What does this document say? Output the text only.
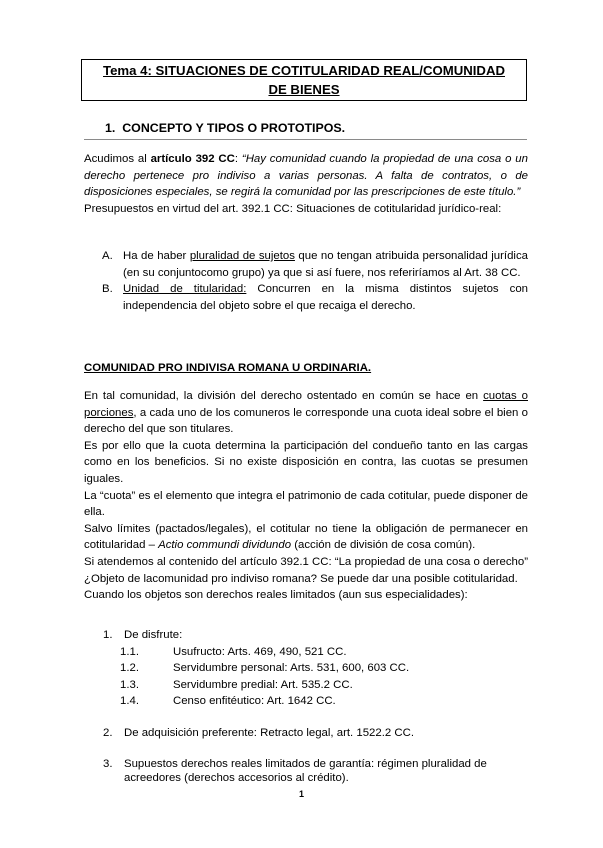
Tema 4: SITUACIONES DE COTITULARIDAD REAL/COMUNIDAD
DE BIENES
1. CONCEPTO Y TIPOS O PROTOTIPOS.

Acudimos al artículo 392 CC: “Hay comunidad cuando la propiedad de una cosa o un derecho pertenece pro indiviso a varias personas. A falta de contratos, o de disposiciones especiales, se regirá la comunidad por las prescripciones de este título.”

Presupuestos en virtud del art. 392.1 CC: Situaciones de cotitularidad jurídico-real:

A. Ha de haber pluralidad de sujetos que no tengan atribuida personalidad jurídica (en su conjuntocomo grupo) ya que si así fuere, nos referiríamos al Art. 38 CC.
B. Unidad de titularidad: Concurren en la misma distintos sujetos con independencia del objeto sobre el que recaiga el derecho.
COMUNIDAD PRO INDIVISA ROMANA U ORDINARIA.

En tal comunidad, la división del derecho ostentado en común se hace en cuotas o porciones, a cada uno de los comuneros le corresponde una cuota ideal sobre el bien o derecho del que son titulares.

Es por ello que la cuota determina la participación del condueño tanto en las cargas como en los beneficios. Si no existe disposición en contra, las cuotas se presumen iguales.

La “cuota” es el elemento que integra el patrimonio de cada cotitular, puede disponer de ella.

Salvo límites (pactados/legales), el cotitular no tiene la obligación de permanecer en cotitularidad – Actio commundi dividundo (acción de división de cosa común).

Si atendemos al contenido del artículo 392.1 CC: “La propiedad de una cosa o derecho” ¿Objeto de lacomunidad pro indiviso romana? Se puede dar una posible cotitularidad.

Cuando los objetos son derechos reales limitados (aun sus especialidades):

1. De disfrute:
1.1.	Usufructo: Arts. 469, 490, 521 CC.
1.2.	Servidumbre personal: Arts. 531, 600, 603 CC.
1.3.	Servidumbre predial: Art. 535.2 CC.
1.4.	Censo enfitéutico: Art. 1642 CC.
2. De adquisición preferente: Retracto legal, art. 1522.2 CC.
3. Supuestos derechos reales limitados de garantía: régimen pluralidad de acreedores (derechos accesorios al crédito).
1
